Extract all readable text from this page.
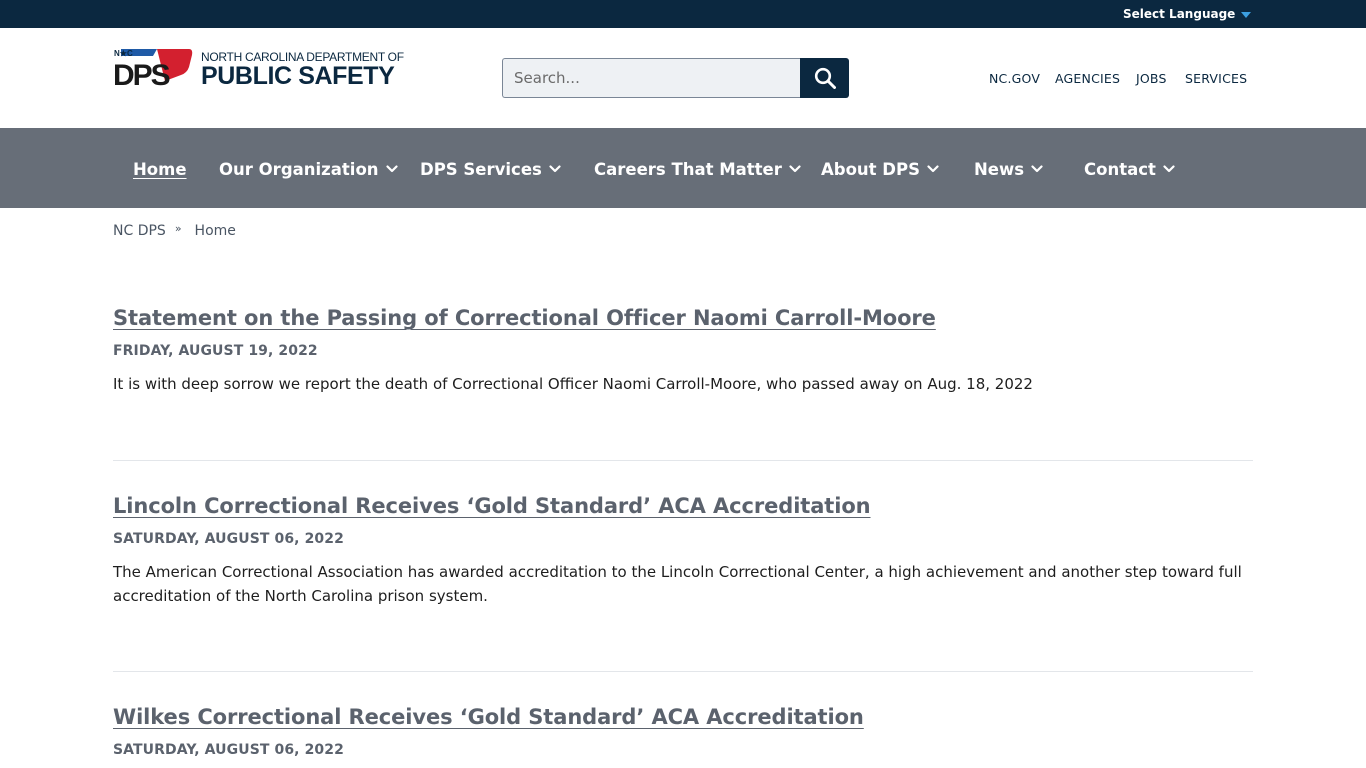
Select Language
N★C
DPS
NORTH CAROLINA DEPARTMENT OF
PUBLIC SAFETY
Search...	NC.GOV AGENCIES JOBS SERVICES
Home Our Organization	DPS Services	Careers That Matter About DPS	News	Contact
NC DPS » Home
Statement on the Passing of Correctional Officer Naomi Carroll-Moore
FRIDAY, AUGUST 19, 2022
It is with deep sorrow we report the death of Correctional Officer Naomi Carroll-Moore, who passed away on Aug. 18, 2022
Lincoln Correctional Receives ‘Gold Standard’ ACA Accreditation
SATURDAY, AUGUST 06, 2022
The American Correctional Association has awarded accreditation to the Lincoln Correctional Center, a high achievement and another step toward full accreditation of the North Carolina prison system.
Wilkes Correctional Receives ‘Gold Standard’ ACA Accreditation
SATURDAY, AUGUST 06, 2022
